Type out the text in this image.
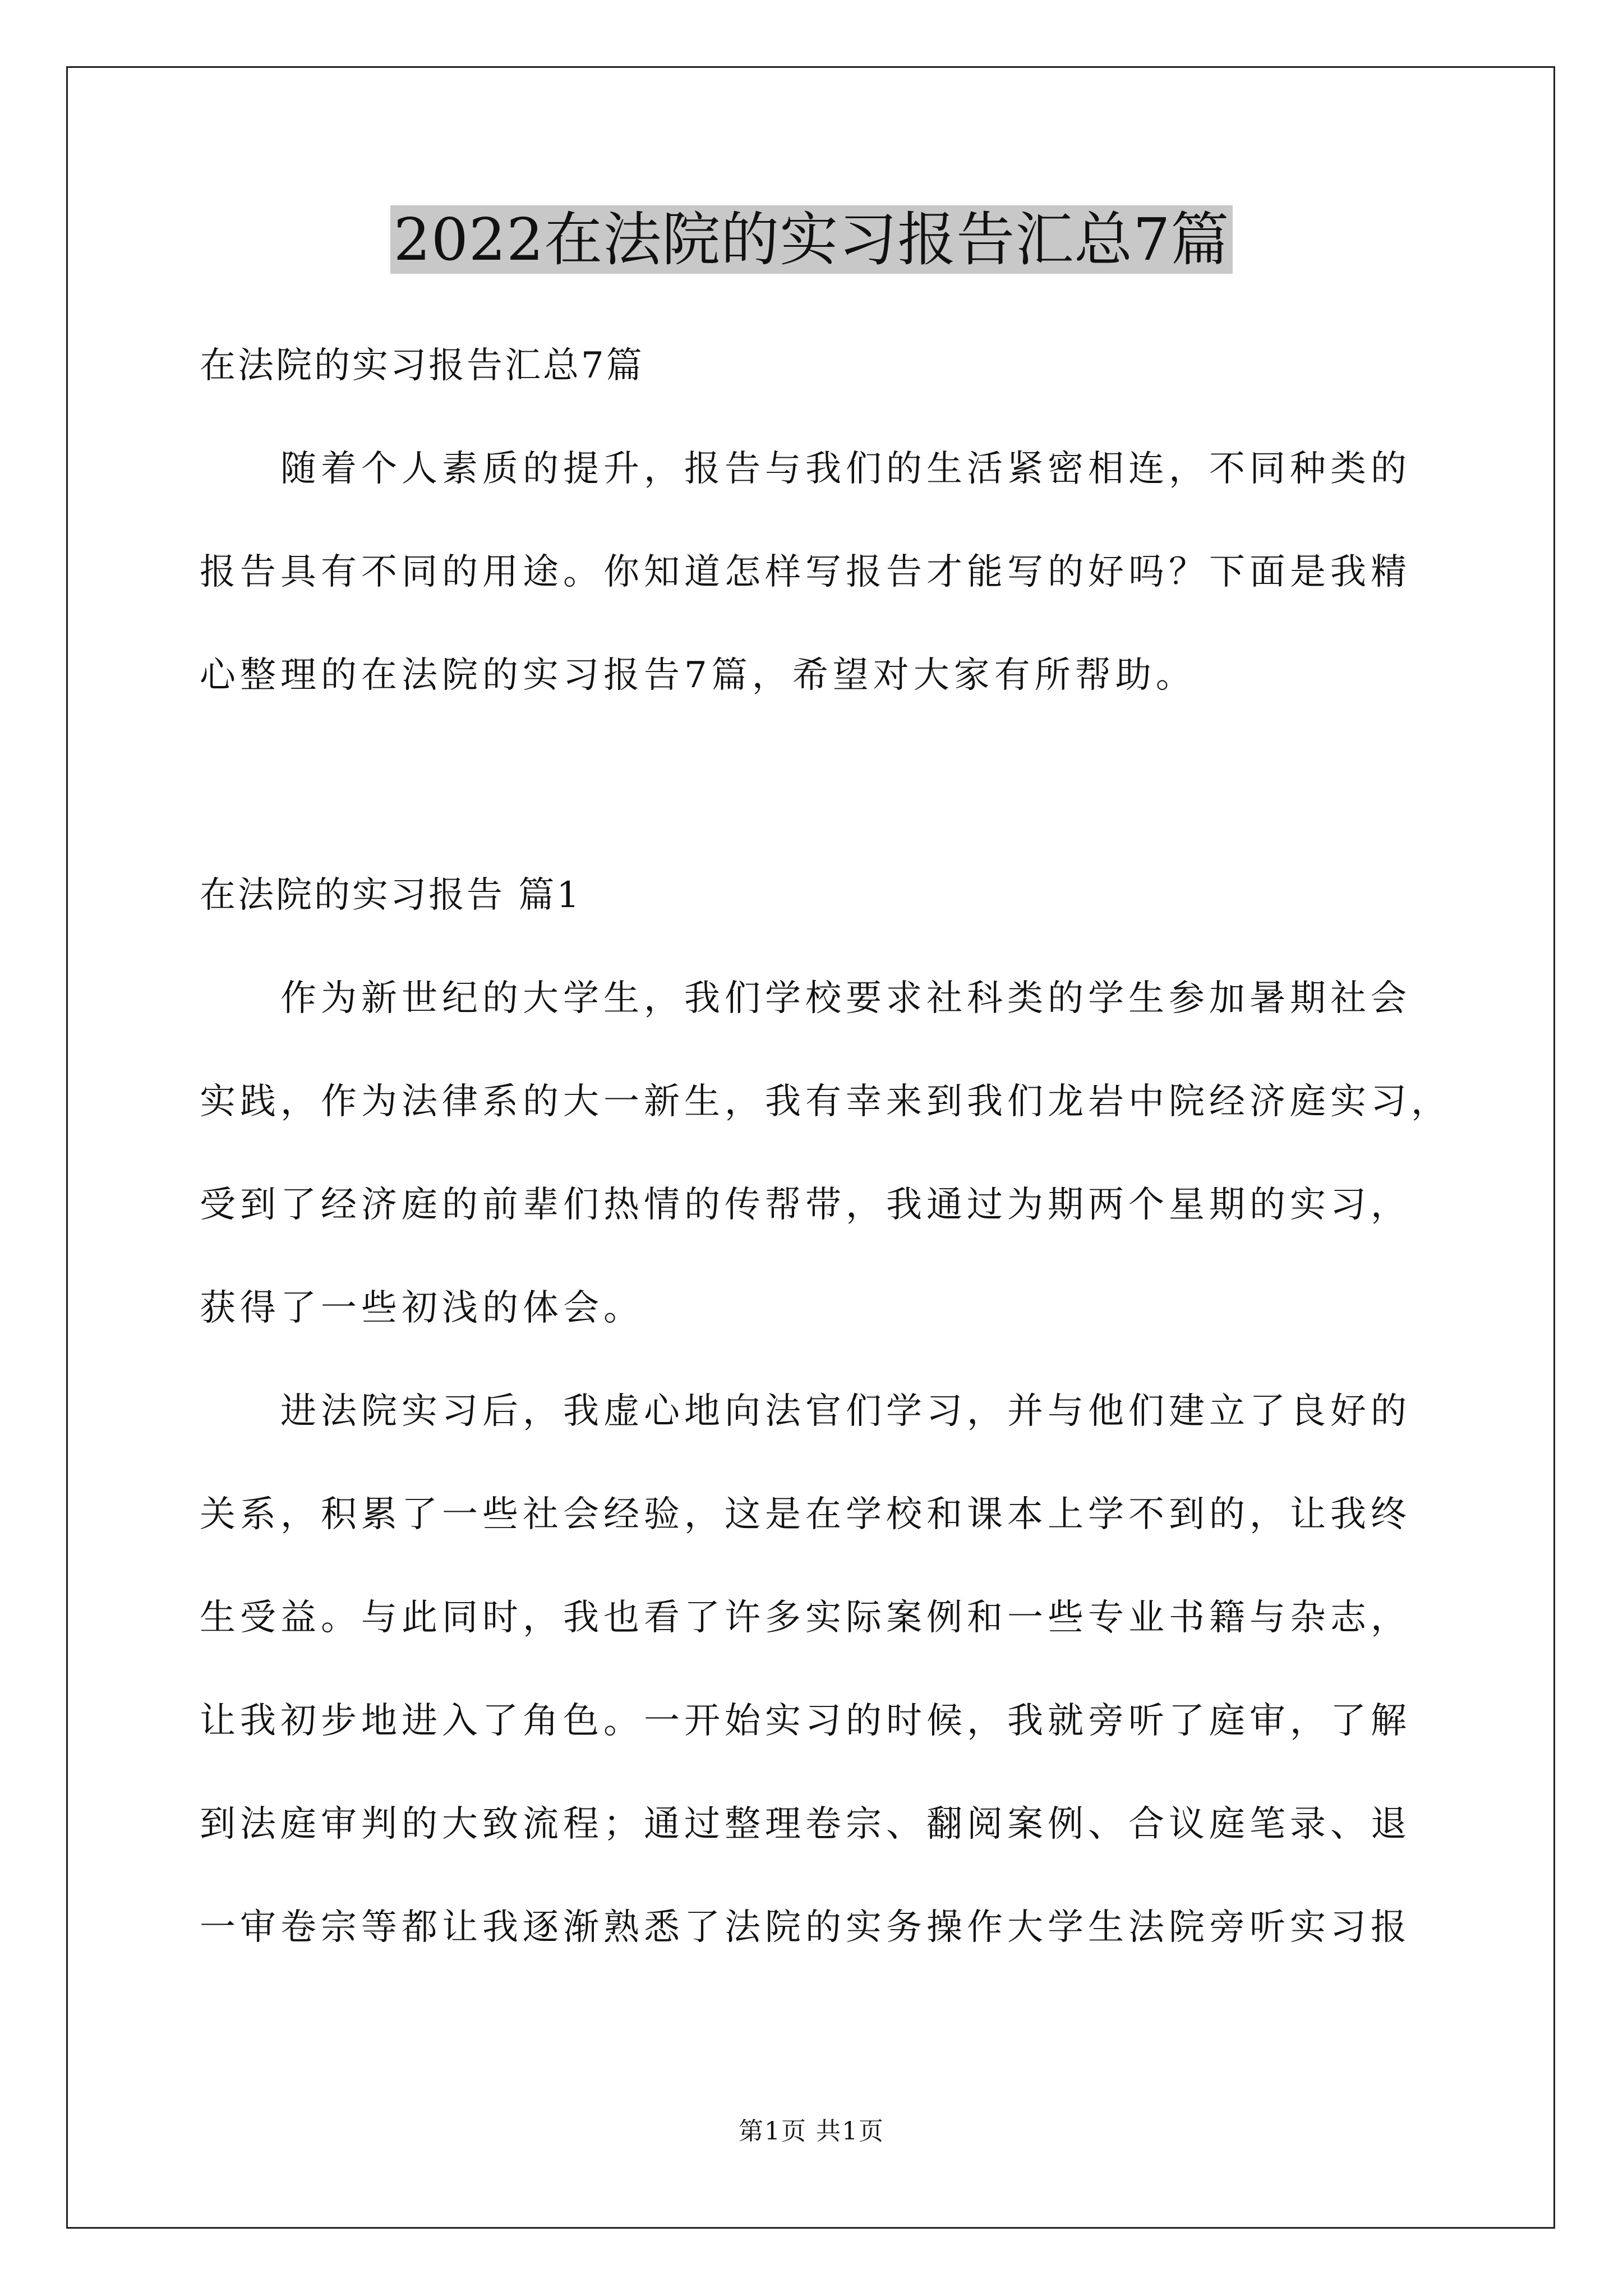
2022在法院的实习报告汇总7篇

在法院的实习报告汇总7篇

随着个人素质的提升，报告与我们的生活紧密相连，不同种类的

报告具有不同的用途。你知道怎样写报告才能写的好吗？下面是我精

心整理的在法院的实习报告7篇，希望对大家有所帮助。

在法院的实习报告 篇1

作为新世纪的大学生，我们学校要求社科类的学生参加暑期社会

实践，作为法律系的大一新生，我有幸来到我们龙岩中院经济庭实习，

受到了经济庭的前辈们热情的传帮带，我通过为期两个星期的实习，

获得了一些初浅的体会。

进法院实习后，我虚心地向法官们学习，并与他们建立了良好的

关系，积累了一些社会经验，这是在学校和课本上学不到的，让我终

生受益。与此同时，我也看了许多实际案例和一些专业书籍与杂志，

让我初步地进入了角色。一开始实习的时候，我就旁听了庭审，了解

到法庭审判的大致流程；通过整理卷宗、翻阅案例、合议庭笔录、退

一审卷宗等都让我逐渐熟悉了法院的实务操作大学生法院旁听实习报

第1页 共1页
